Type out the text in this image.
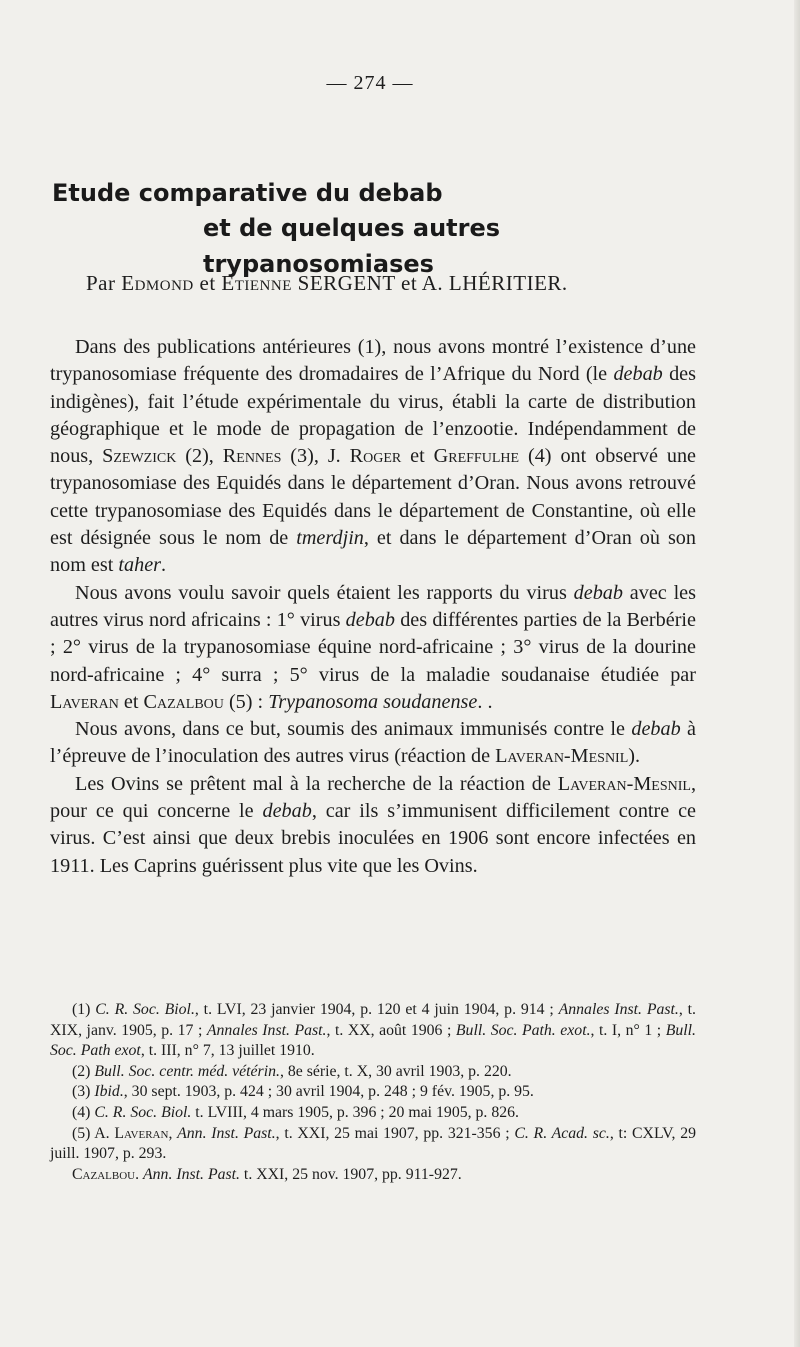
— 274 —
Etude comparative du debab
et de quelques autres trypanosomiases
Par Edmond et Etienne SERGENT et A. LHÉRITIER.

Dans des publications antérieures (1), nous avons montré l’existence d’une trypanosomiase fréquente des dromadaires de l’Afrique du Nord (le debab des indigènes), fait l’étude expérimentale du virus, établi la carte de distribution géographique et le mode de propagation de l’enzootie. Indépendamment de nous, Szewzick (2), Rennes (3), J. Roger et Greffulhe (4) ont observé une trypanosomiase des Equidés dans le département d’Oran. Nous avons retrouvé cette trypanosomiase des Equidés dans le département de Constantine, où elle est désignée sous le nom de tmerdjin, et dans le département d’Oran où son nom est taher.

Nous avons voulu savoir quels étaient les rapports du virus debab avec les autres virus nord africains : 1° virus debab des différentes parties de la Berbérie ; 2° virus de la trypanosomiase équine nord-africaine ; 3° virus de la dourine nord-africaine ; 4° surra ; 5° virus de la maladie soudanaise étudiée par Laveran et Cazalbou (5) : Trypanosoma soudanense. .

Nous avons, dans ce but, soumis des animaux immunisés contre le debab à l’épreuve de l’inoculation des autres virus (réaction de Laveran-Mesnil).

Les Ovins se prêtent mal à la recherche de la réaction de Laveran-Mesnil, pour ce qui concerne le debab, car ils s’immunisent difficilement contre ce virus. C’est ainsi que deux brebis inoculées en 1906 sont encore infectées en 1911. Les Caprins guérissent plus vite que les Ovins.

(1) C. R. Soc. Biol., t. LVI, 23 janvier 1904, p. 120 et 4 juin 1904, p. 914 ; Annales Inst. Past., t. XIX, janv. 1905, p. 17 ; Annales Inst. Past., t. XX, août 1906 ; Bull. Soc. Path. exot., t. I, n° 1 ; Bull. Soc. Path exot, t. III, n° 7, 13 juillet 1910.

(2) Bull. Soc. centr. méd. vétérin., 8e série, t. X, 30 avril 1903, p. 220.

(3) Ibid., 30 sept. 1903, p. 424 ; 30 avril 1904, p. 248 ; 9 fév. 1905, p. 95.

(4) C. R. Soc. Biol. t. LVIII, 4 mars 1905, p. 396 ; 20 mai 1905, p. 826.

(5) A. Laveran, Ann. Inst. Past., t. XXI, 25 mai 1907, pp. 321-356 ; C. R. Acad. sc., t: CXLV, 29 juill. 1907, p. 293.

Cazalbou. Ann. Inst. Past. t. XXI, 25 nov. 1907, pp. 911-927.
